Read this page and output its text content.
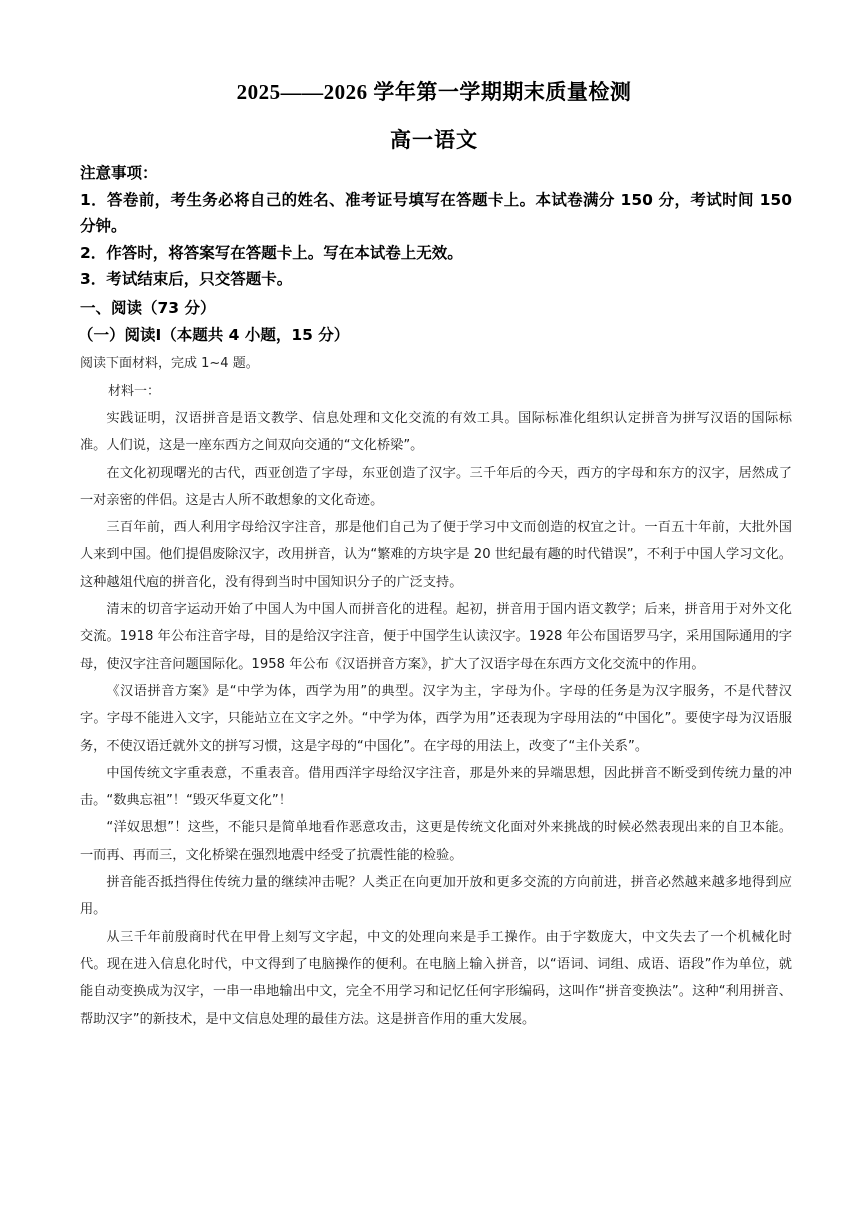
2025——2026 学年第一学期期末质量检测
高一语文
注意事项：
1．答卷前，考生务必将自己的姓名、准考证号填写在答题卡上。本试卷满分 150 分，考试时间 150 分钟。
2．作答时，将答案写在答题卡上。写在本试卷上无效。
3．考试结束后，只交答题卡。
一、阅读（73 分）
（一）阅读Ⅰ（本题共 4 小题，15 分）
阅读下面材料，完成 1~4 题。
材料一：

实践证明，汉语拼音是语文教学、信息处理和文化交流的有效工具。国际标准化组织认定拼音为拼写汉语的国际标准。人们说，这是一座东西方之间双向交通的“文化桥梁”。

在文化初现曙光的古代，西亚创造了字母，东亚创造了汉字。三千年后的今天，西方的字母和东方的汉字，居然成了一对亲密的伴侣。这是古人所不敢想象的文化奇迹。

三百年前，西人利用字母给汉字注音，那是他们自己为了便于学习中文而创造的权宜之计。一百五十年前，大批外国人来到中国。他们提倡废除汉字，改用拼音，认为“繁难的方块字是 20 世纪最有趣的时代错误”，不利于中国人学习文化。这种越俎代庖的拼音化，没有得到当时中国知识分子的广泛支持。

清末的切音字运动开始了中国人为中国人而拼音化的进程。起初，拼音用于国内语文教学；后来，拼音用于对外文化交流。1918 年公布注音字母，目的是给汉字注音，便于中国学生认读汉字。1928 年公布国语罗马字，采用国际通用的字母，使汉字注音问题国际化。1958 年公布《汉语拼音方案》，扩大了汉语字母在东西方文化交流中的作用。

《汉语拼音方案》是“中学为体，西学为用”的典型。汉字为主，字母为仆。字母的任务是为汉字服务，不是代替汉字。字母不能进入文字，只能站立在文字之外。“中学为体，西学为用”还表现为字母用法的“中国化”。要使字母为汉语服务，不使汉语迁就外文的拼写习惯，这是字母的“中国化”。在字母的用法上，改变了“主仆关系”。

中国传统文字重表意，不重表音。借用西洋字母给汉字注音，那是外来的异端思想，因此拼音不断受到传统力量的冲击。“数典忘祖”！“毁灭华夏文化”！

“洋奴思想”！这些，不能只是简单地看作恶意攻击，这更是传统文化面对外来挑战的时候必然表现出来的自卫本能。一而再、再而三，文化桥梁在强烈地震中经受了抗震性能的检验。

拼音能否抵挡得住传统力量的继续冲击呢？人类正在向更加开放和更多交流的方向前进，拼音必然越来越多地得到应用。

从三千年前殷商时代在甲骨上刻写文字起，中文的处理向来是手工操作。由于字数庞大，中文失去了一个机械化时代。现在进入信息化时代，中文得到了电脑操作的便利。在电脑上输入拼音，以“语词、词组、成语、语段”作为单位，就能自动变换成为汉字，一串一串地输出中文，完全不用学习和记忆任何字形编码，这叫作“拼音变换法”。这种“利用拼音、帮助汉字”的新技术，是中文信息处理的最佳方法。这是拼音作用的重大发展。
